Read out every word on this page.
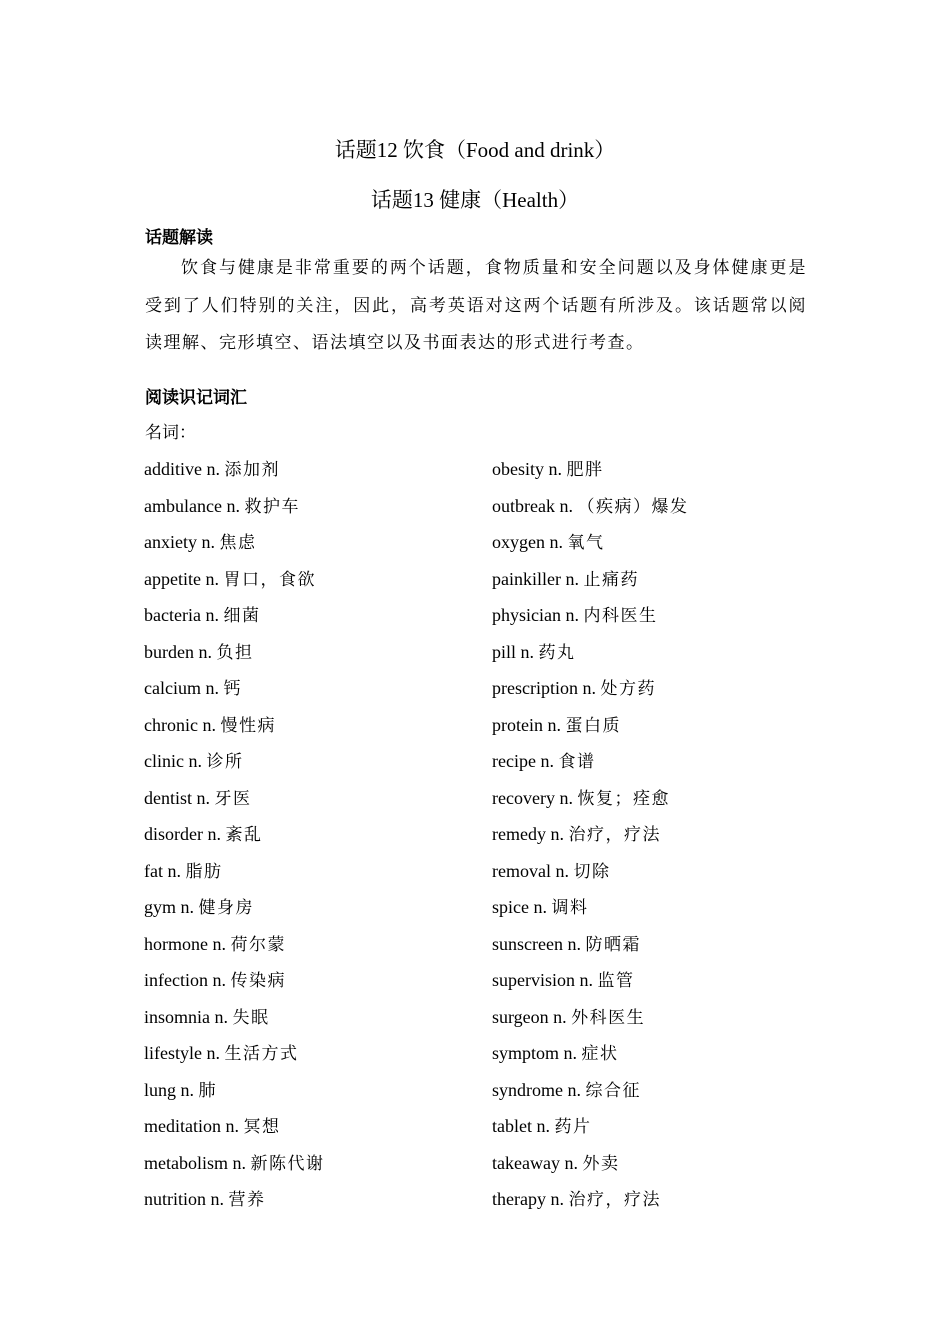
话题12 饮食（Food and drink）
话题13 健康（Health）
话题解读
饮食与健康是非常重要的两个话题，食物质量和安全问题以及身体健康更是受到了人们特别的关注，因此，高考英语对这两个话题有所涉及。该话题常以阅读理解、完形填空、语法填空以及书面表达的形式进行考查。
阅读识记词汇
名词：
additive n. 添加剂
ambulance n. 救护车
anxiety n. 焦虑
appetite n. 胃口，食欲
bacteria n. 细菌
burden n. 负担
calcium n. 钙
chronic n. 慢性病
clinic n. 诊所
dentist n. 牙医
disorder n. 紊乱
fat n. 脂肪
gym n. 健身房
hormone n. 荷尔蒙
infection n. 传染病
insomnia n. 失眠
lifestyle n. 生活方式
lung n. 肺
meditation n. 冥想
metabolism n. 新陈代谢
nutrition n. 营养
obesity n. 肥胖
outbreak n. （疾病）爆发
oxygen n. 氧气
painkiller n. 止痛药
physician n. 内科医生
pill n. 药丸
prescription n. 处方药
protein n. 蛋白质
recipe n. 食谱
recovery n. 恢复；痊愈
remedy n. 治疗，疗法
removal n. 切除
spice n. 调料
sunscreen n. 防晒霜
supervision n. 监管
surgeon n. 外科医生
symptom n. 症状
syndrome n. 综合征
tablet n. 药片
takeaway n. 外卖
therapy n. 治疗，疗法
